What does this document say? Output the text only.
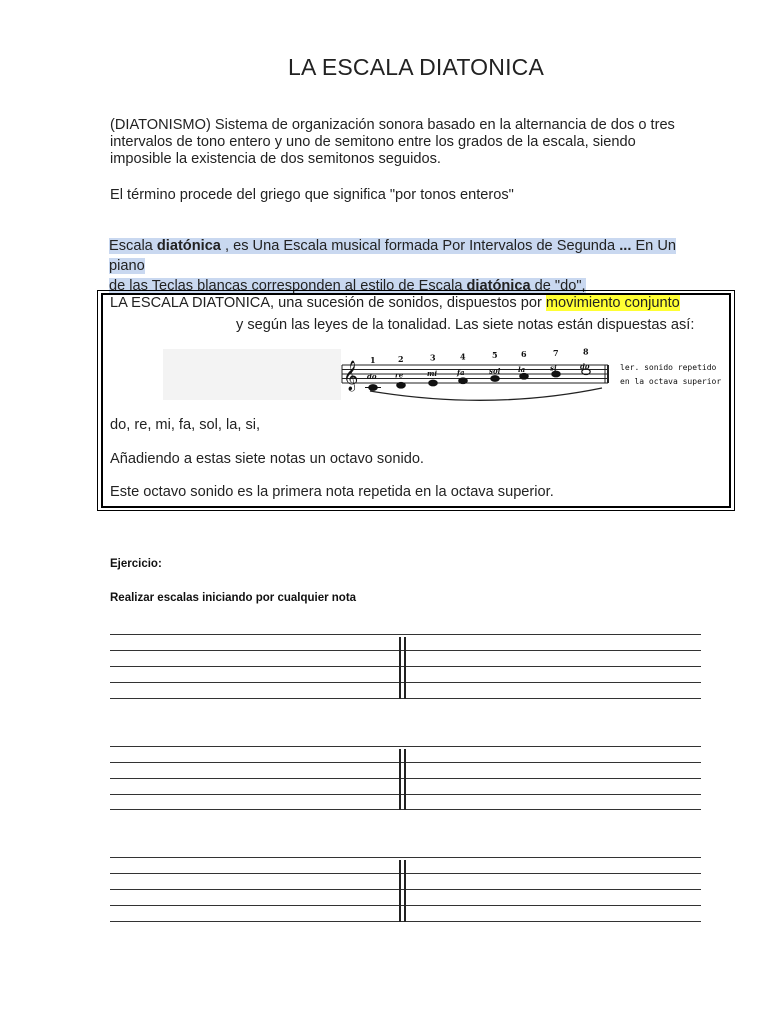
LA ESCALA DIATONICA
(DIATONISMO) Sistema de organización sonora basado en la alternancia de dos o tres
intervalos de tono entero y uno de semitono entre los grados de la escala, siendo
imposible la existencia de dos semitonos seguidos.
El término procede del griego que significa "por tonos enteros"
Escala diatónica , es Una Escala musical formada Por Intervalos de Segunda ... En Un piano
de las Teclas blancas corresponden al estilo de Escala diatónica de "do",
LA ESCALA DIATONICA, una sucesión de sonidos, dispuestos por movimiento conjunto
y según las leyes de la tonalidad. Las siete notas están dispuestas así:
𝄞
1
do
2
re
3
mi
4
fa
5
sol
6
la
7
si
8
do	ler. sonido repetido
en la octava superior
do, re, mi, fa, sol, la, si,
Añadiendo a estas siete notas un octavo sonido.
Este octavo sonido es la primera nota repetida en la octava superior.
Ejercicio:
Realizar escalas iniciando por cualquier nota
